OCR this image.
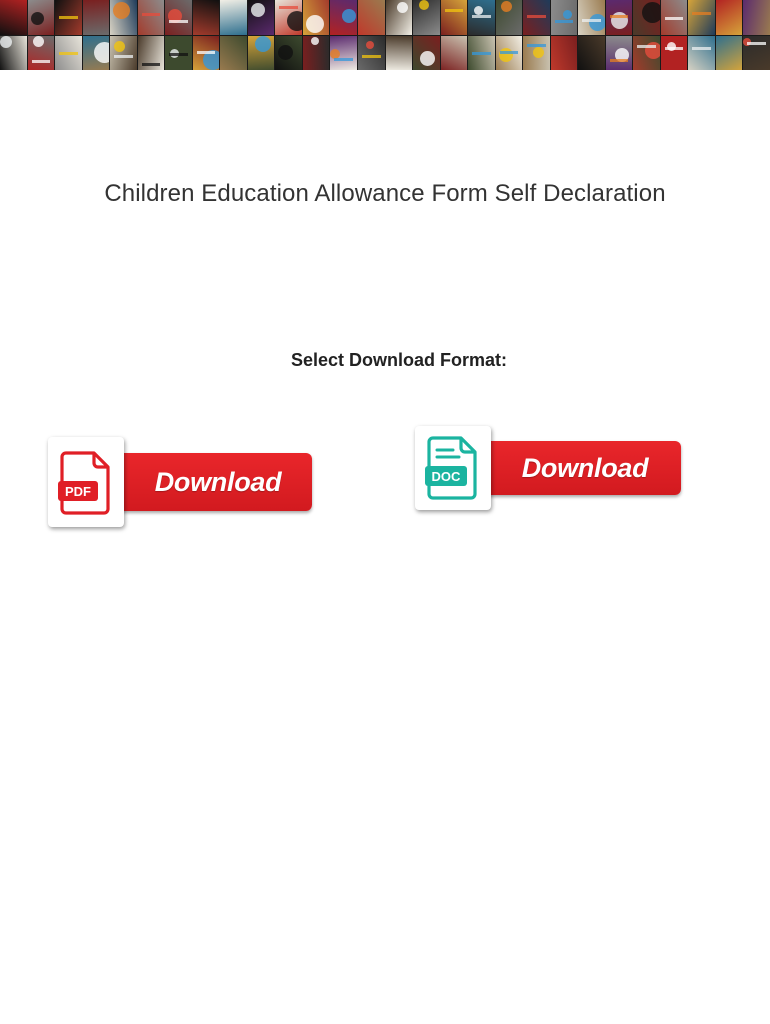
Children Education Allowance Form Self Declaration
Select Download Format:
Download
PDF
Download
DOC
